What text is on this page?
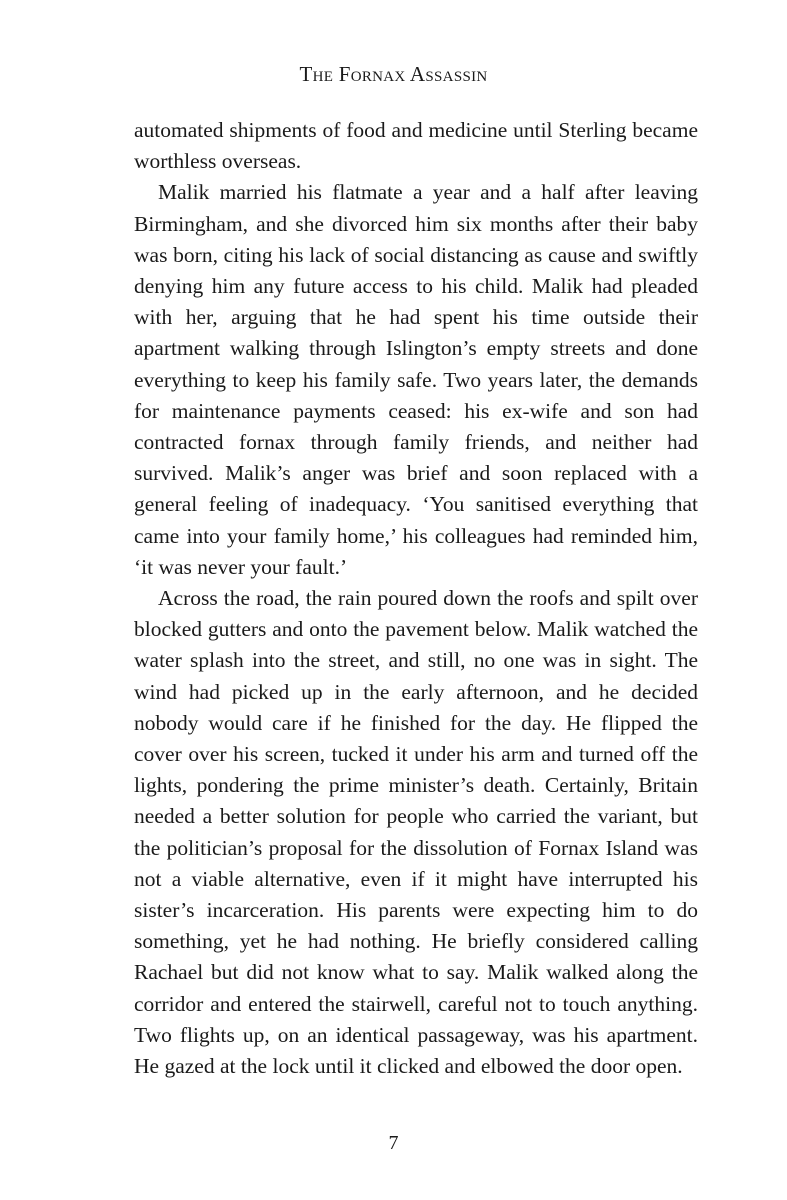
The Fornax Assassin

automated shipments of food and medicine until Sterling became worthless overseas.

Malik married his flatmate a year and a half after leaving Birmingham, and she divorced him six months after their baby was born, citing his lack of social distancing as cause and swiftly denying him any future access to his child. Malik had pleaded with her, arguing that he had spent his time outside their apartment walking through Islington’s empty streets and done everything to keep his family safe. Two years later, the demands for maintenance payments ceased: his ex-wife and son had contracted fornax through family friends, and neither had survived. Malik’s anger was brief and soon replaced with a general feeling of inadequacy. ‘You sanitised everything that came into your family home,’ his colleagues had reminded him, ‘it was never your fault.’

Across the road, the rain poured down the roofs and spilt over blocked gutters and onto the pavement below. Malik watched the water splash into the street, and still, no one was in sight. The wind had picked up in the early afternoon, and he decided nobody would care if he finished for the day. He flipped the cover over his screen, tucked it under his arm and turned off the lights, pondering the prime minister’s death. Certainly, Britain needed a better solution for people who carried the variant, but the politician’s proposal for the dissolution of Fornax Island was not a viable alternative, even if it might have interrupted his sister’s incarceration. His parents were expecting him to do something, yet he had nothing. He briefly considered calling Rachael but did not know what to say. Malik walked along the corridor and entered the stairwell, careful not to touch anything. Two flights up, on an identical passageway, was his apartment. He gazed at the lock until it clicked and elbowed the door open.

7
